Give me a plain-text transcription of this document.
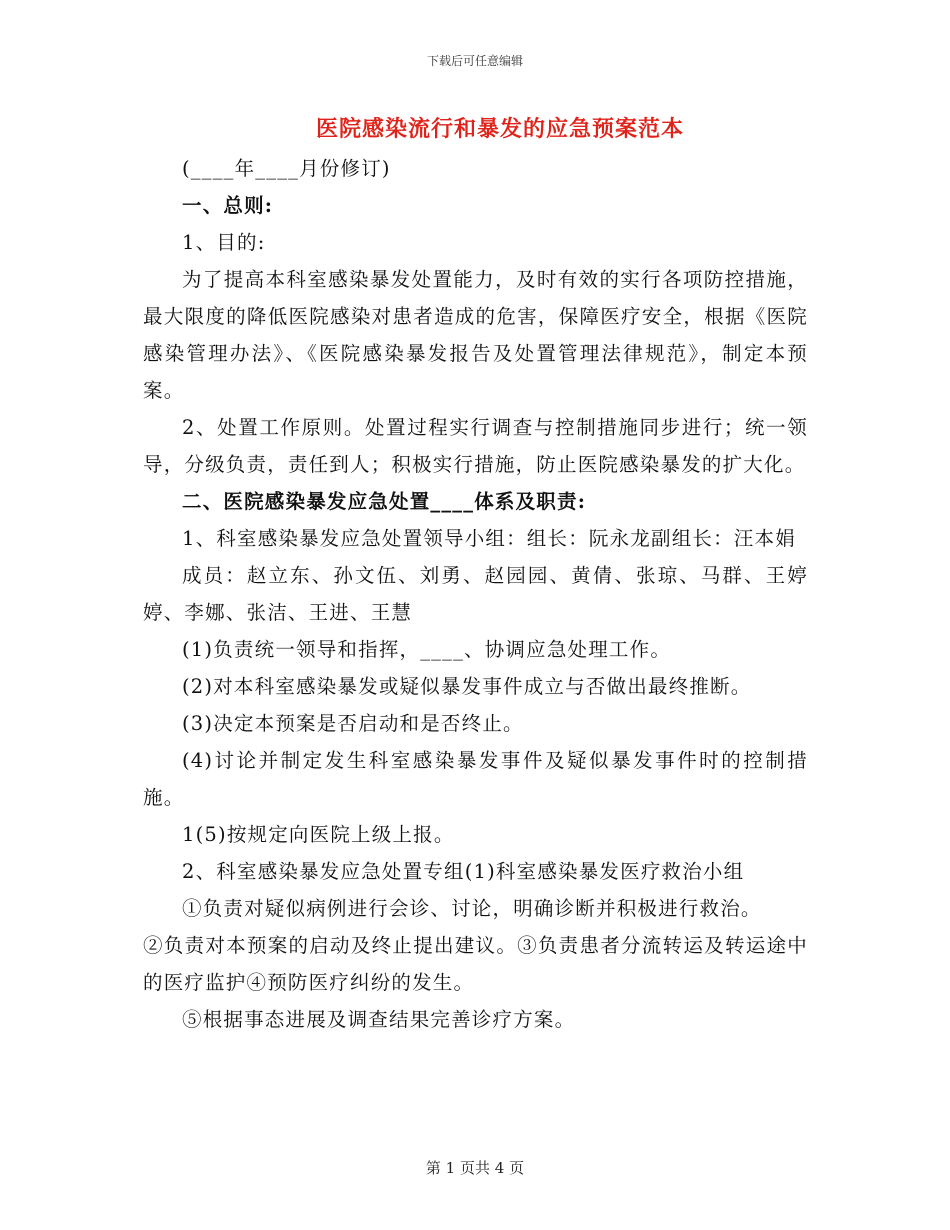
下载后可任意编辑
医院感染流行和暴发的应急预案范本

(____年____月份修订)

一、总则:

1、目的:

为了提高本科室感染暴发处置能力，及时有效的实行各项防控措施，最大限度的降低医院感染对患者造成的危害，保障医疗安全，根据《医院感染管理办法》、《医院感染暴发报告及处置管理法律规范》，制定本预案。

2、处置工作原则。处置过程实行调查与控制措施同步进行；统一领导，分级负责，责任到人；积极实行措施，防止医院感染暴发的扩大化。

二、医院感染暴发应急处置____体系及职责:

1、科室感染暴发应急处置领导小组：组长：阮永龙副组长：汪本娟

成员：赵立东、孙文伍、刘勇、赵园园、黄倩、张琼、马群、王婷婷、李娜、张洁、王进、王慧

(1)负责统一领导和指挥，____、协调应急处理工作。

(2)对本科室感染暴发或疑似暴发事件成立与否做出最终推断。

(3)决定本预案是否启动和是否终止。

(4)讨论并制定发生科室感染暴发事件及疑似暴发事件时的控制措施。

1(5)按规定向医院上级上报。

2、科室感染暴发应急处置专组(1)科室感染暴发医疗救治小组

①负责对疑似病例进行会诊、讨论，明确诊断并积极进行救治。

②负责对本预案的启动及终止提出建议。③负责患者分流转运及转运途中的医疗监护④预防医疗纠纷的发生。

⑤根据事态进展及调查结果完善诊疗方案。

第 1 页共 4 页
